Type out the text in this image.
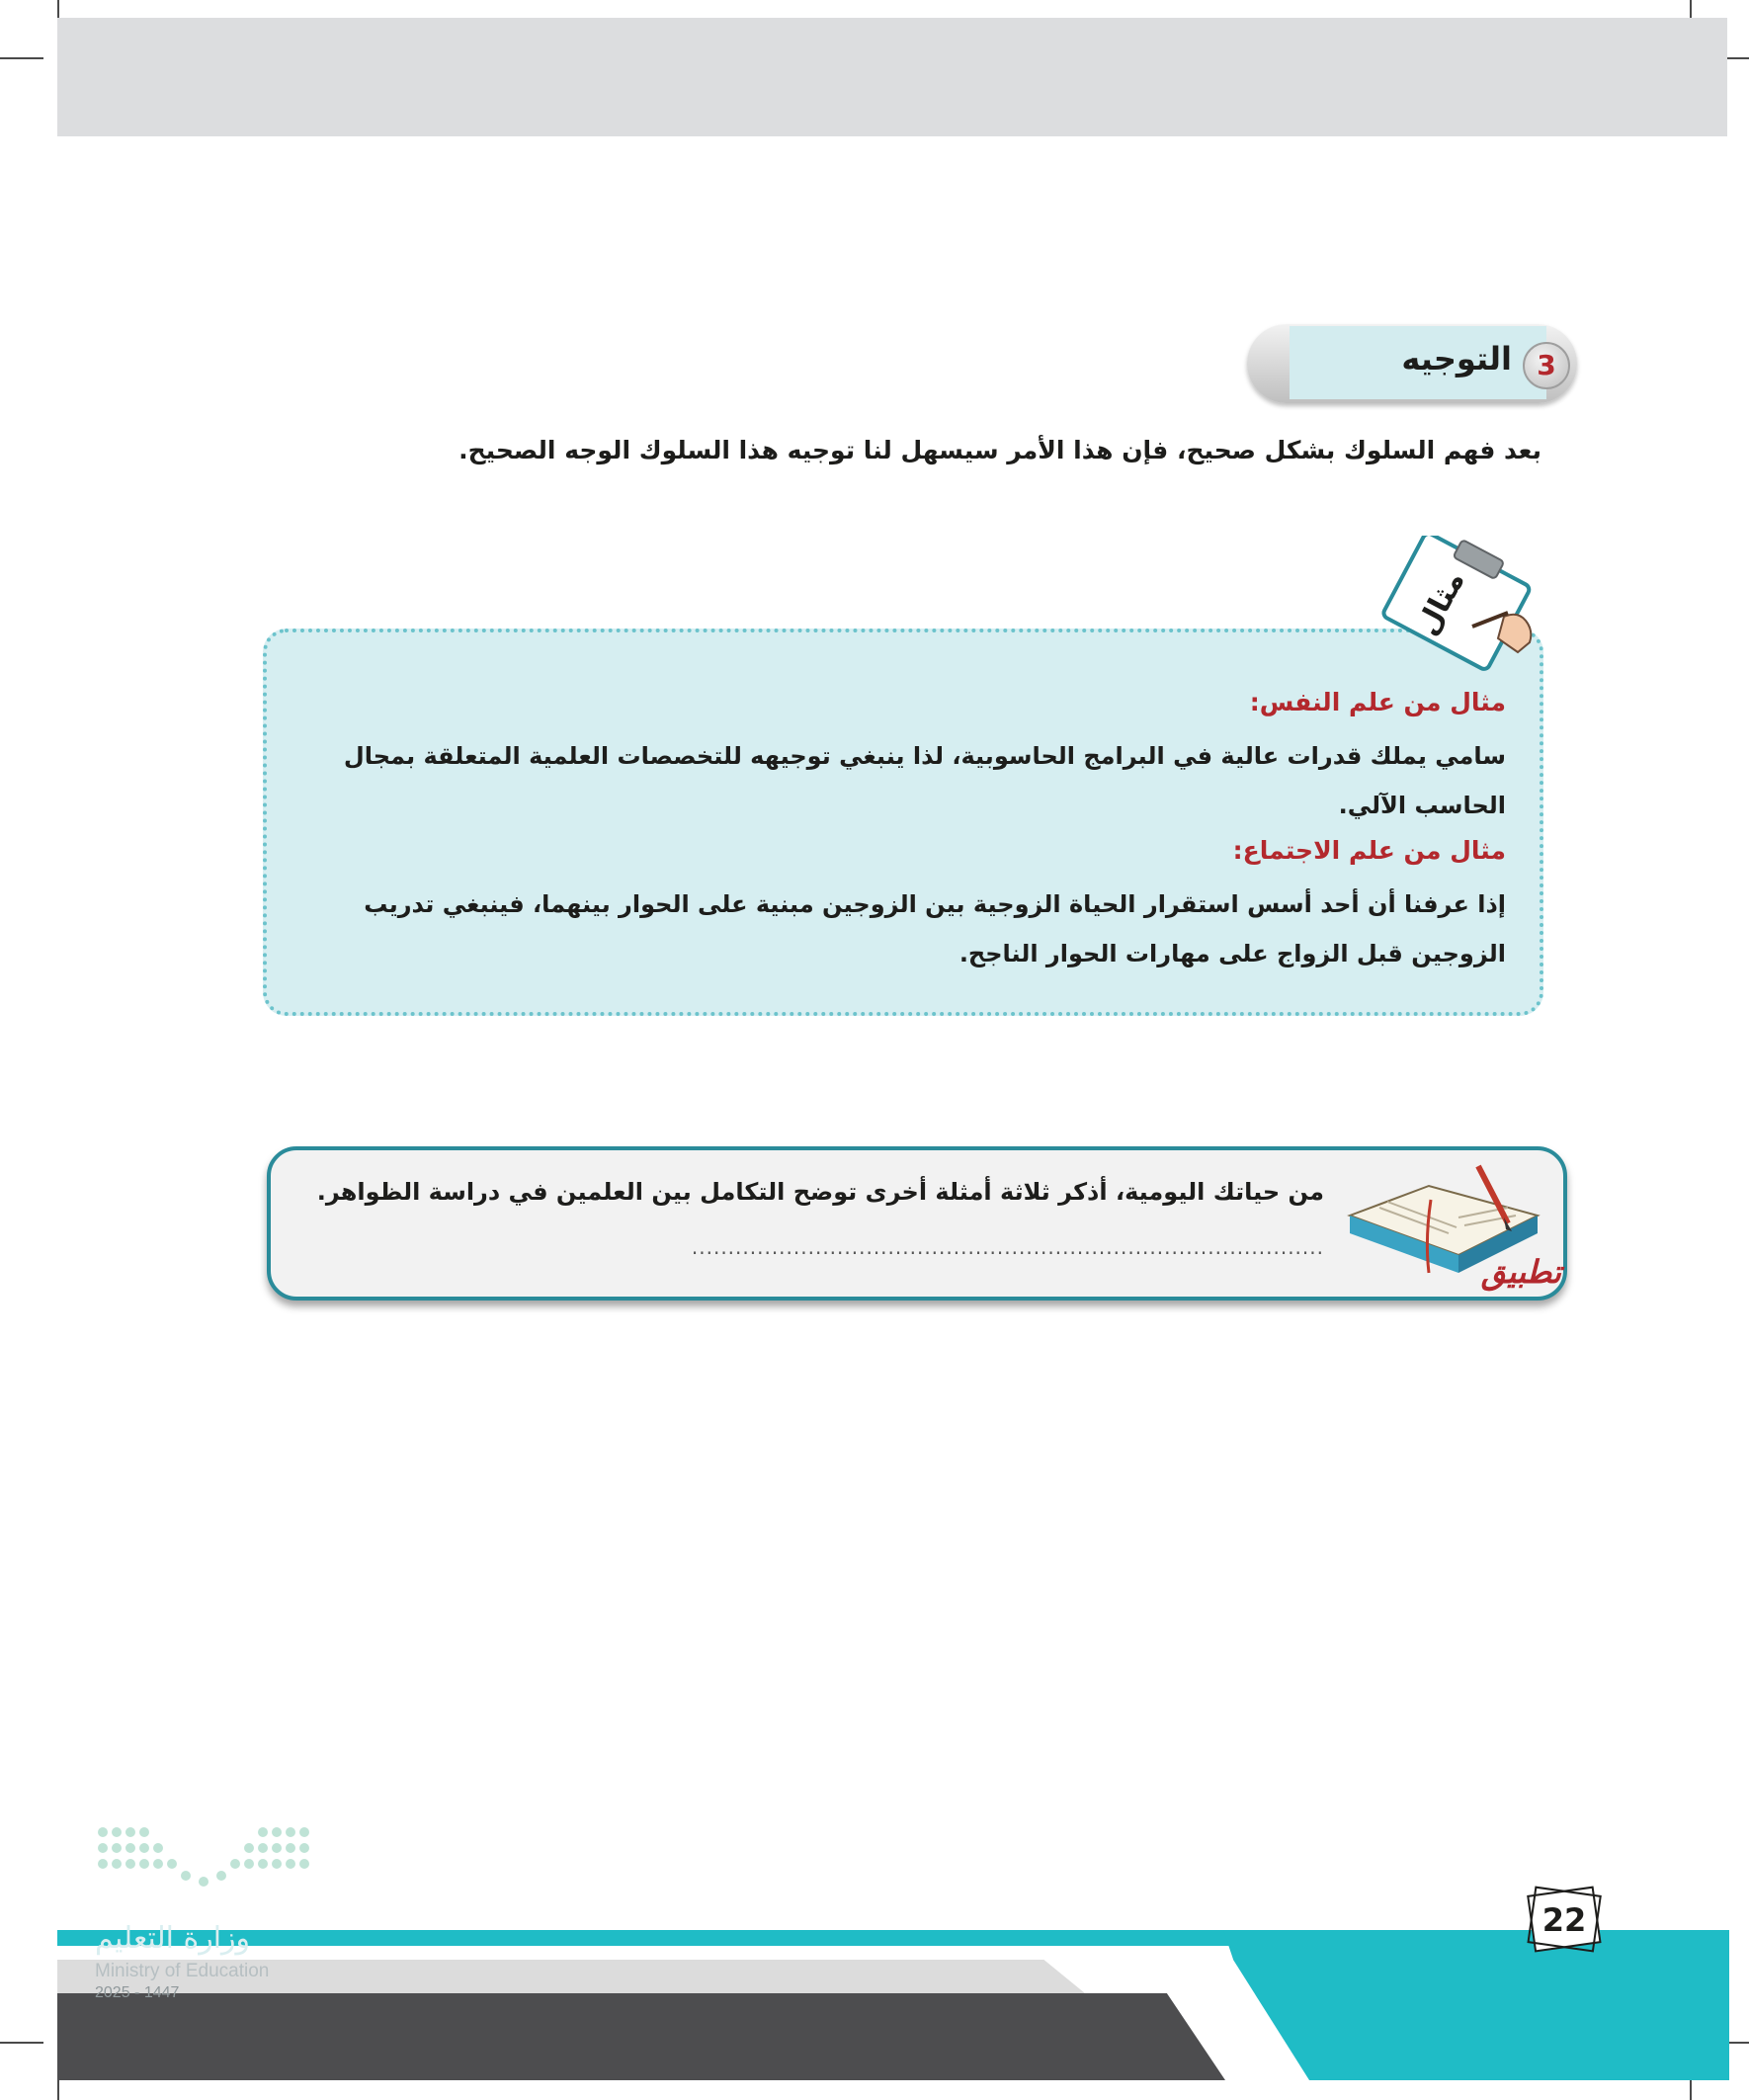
3
التوجيه
بعد فهم السلوك بشكل صحيح، فإن هذا الأمر سيسهل لنا توجيه هذا السلوك الوجه الصحيح.
مثال
مثال من علم النفس:
سامي يملك قدرات عالية في البرامج الحاسوبية، لذا ينبغي توجيهه للتخصصات العلمية المتعلقة بمجال الحاسب الآلي.
مثال من علم الاجتماع:
إذا عرفنا أن أحد أسس استقرار الحياة الزوجية بين الزوجين مبنية على الحوار بينهما، فينبغي تدريب الزوجين قبل الزواج على مهارات الحوار الناجح.
تطبيق
من حياتك اليومية، أذكر ثلاثة أمثلة أخرى توضح التكامل بين العلمين في دراسة الظواهر.
.......................................................................................
22
وزارة التعليم
Ministry of Education
2025 - 1447
